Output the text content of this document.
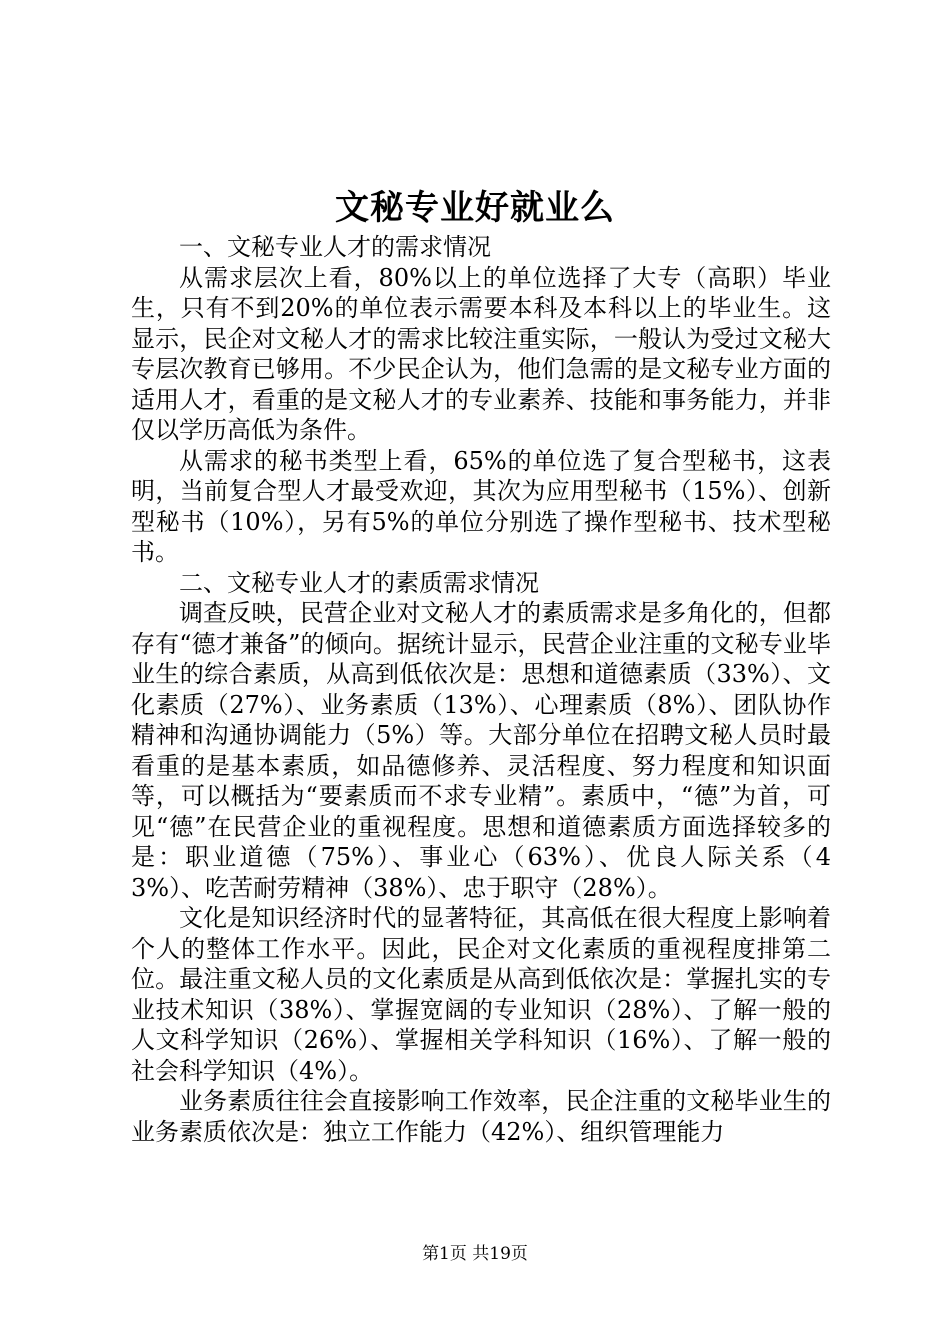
文秘专业好就业么

一、文秘专业人才的需求情况

从需求层次上看，80%以上的单位选择了大专（高职）毕业生，只有不到20%的单位表示需要本科及本科以上的毕业生。这显示，民企对文秘人才的需求比较注重实际，一般认为受过文秘大专层次教育已够用。不少民企认为，他们急需的是文秘专业方面的适用人才，看重的是文秘人才的专业素养、技能和事务能力，并非仅以学历高低为条件。

从需求的秘书类型上看，65%的单位选了复合型秘书，这表明，当前复合型人才最受欢迎，其次为应用型秘书（15%）、创新型秘书（10%），另有5%的单位分别选了操作型秘书、技术型秘书。

二、文秘专业人才的素质需求情况

调查反映，民营企业对文秘人才的素质需求是多角化的，但都存有“德才兼备”的倾向。据统计显示，民营企业注重的文秘专业毕业生的综合素质，从高到低依次是：思想和道德素质（33%）、文化素质（27%）、业务素质（13%）、心理素质（8%）、团队协作精神和沟通协调能力（5%）等。大部分单位在招聘文秘人员时最看重的是基本素质，如品德修养、灵活程度、努力程度和知识面等，可以概括为“要素质而不求专业精”。素质中，“德”为首，可见“德”在民营企业的重视程度。思想和道德素质方面选择较多的是：职业道德（75%）、事业心（63%）、优良人际关系（43%）、吃苦耐劳精神（38%）、忠于职守（28%）。

文化是知识经济时代的显著特征，其高低在很大程度上影响着个人的整体工作水平。因此，民企对文化素质的重视程度排第二位。最注重文秘人员的文化素质是从高到低依次是：掌握扎实的专业技术知识（38%）、掌握宽阔的专业知识（28%）、了解一般的人文科学知识（26%）、掌握相关学科知识（16%）、了解一般的社会科学知识（4%）。

业务素质往往会直接影响工作效率，民企注重的文秘毕业生的业务素质依次是：独立工作能力（42%）、组织管理能力

第1页 共19页
